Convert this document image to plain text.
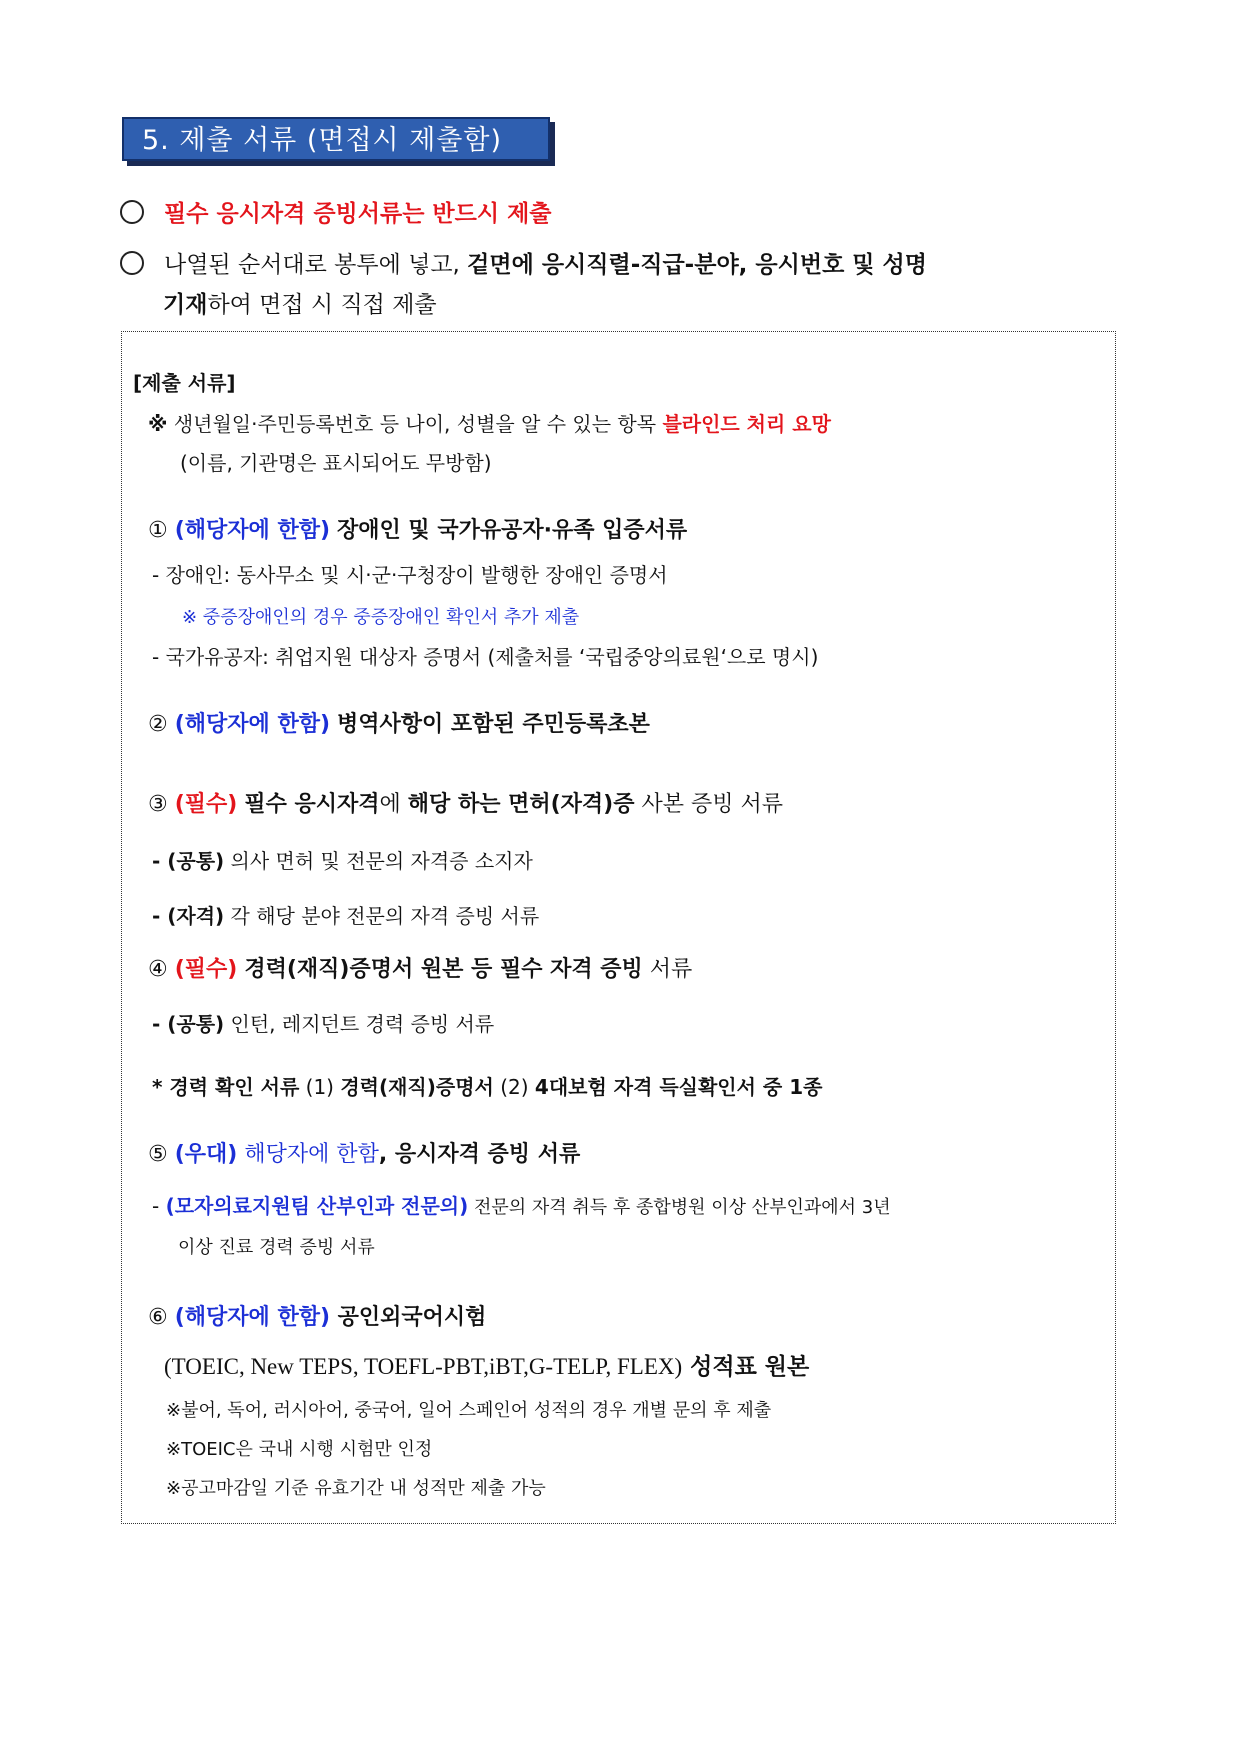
5. 제출 서류 (면접시 제출함)
필수 응시자격 증빙서류는 반드시 제출
나열된 순서대로 봉투에 넣고, 겉면에 응시직렬-직급-분야, 응시번호 및 성명
기재하여 면접 시 직접 제출
[제출 서류]
※ 생년월일·주민등록번호 등 나이, 성별을 알 수 있는 항목 블라인드 처리 요망
(이름, 기관명은 표시되어도 무방함)
① (해당자에 한함) 장애인 및 국가유공자·유족 입증서류
- 장애인: 동사무소 및 시·군·구청장이 발행한 장애인 증명서
※ 중증장애인의 경우 중증장애인 확인서 추가 제출
- 국가유공자: 취업지원 대상자 증명서 (제출처를 ‘국립중앙의료원‘으로 명시)
② (해당자에 한함) 병역사항이 포함된 주민등록초본
③ (필수) 필수 응시자격에 해당 하는 면허(자격)증 사본 증빙 서류
- (공통) 의사 면허 및 전문의 자격증 소지자
- (자격) 각 해당 분야 전문의 자격 증빙 서류
④ (필수) 경력(재직)증명서 원본 등 필수 자격 증빙 서류
- (공통) 인턴, 레지던트 경력 증빙 서류
* 경력 확인 서류 (1) 경력(재직)증명서 (2) 4대보험 자격 득실확인서 중 1종
⑤ (우대) 해당자에 한함, 응시자격 증빙 서류
- (모자의료지원팀 산부인과 전문의) 전문의 자격 취득 후 종합병원 이상 산부인과에서 3년
이상 진료 경력 증빙 서류
⑥ (해당자에 한함) 공인외국어시험
(TOEIC, New TEPS, TOEFL-PBT,iBT,G-TELP, FLEX) 성적표 원본
※불어, 독어, 러시아어, 중국어, 일어 스페인어 성적의 경우 개별 문의 후 제출
※TOEIC은 국내 시행 시험만 인정
※공고마감일 기준 유효기간 내 성적만 제출 가능
